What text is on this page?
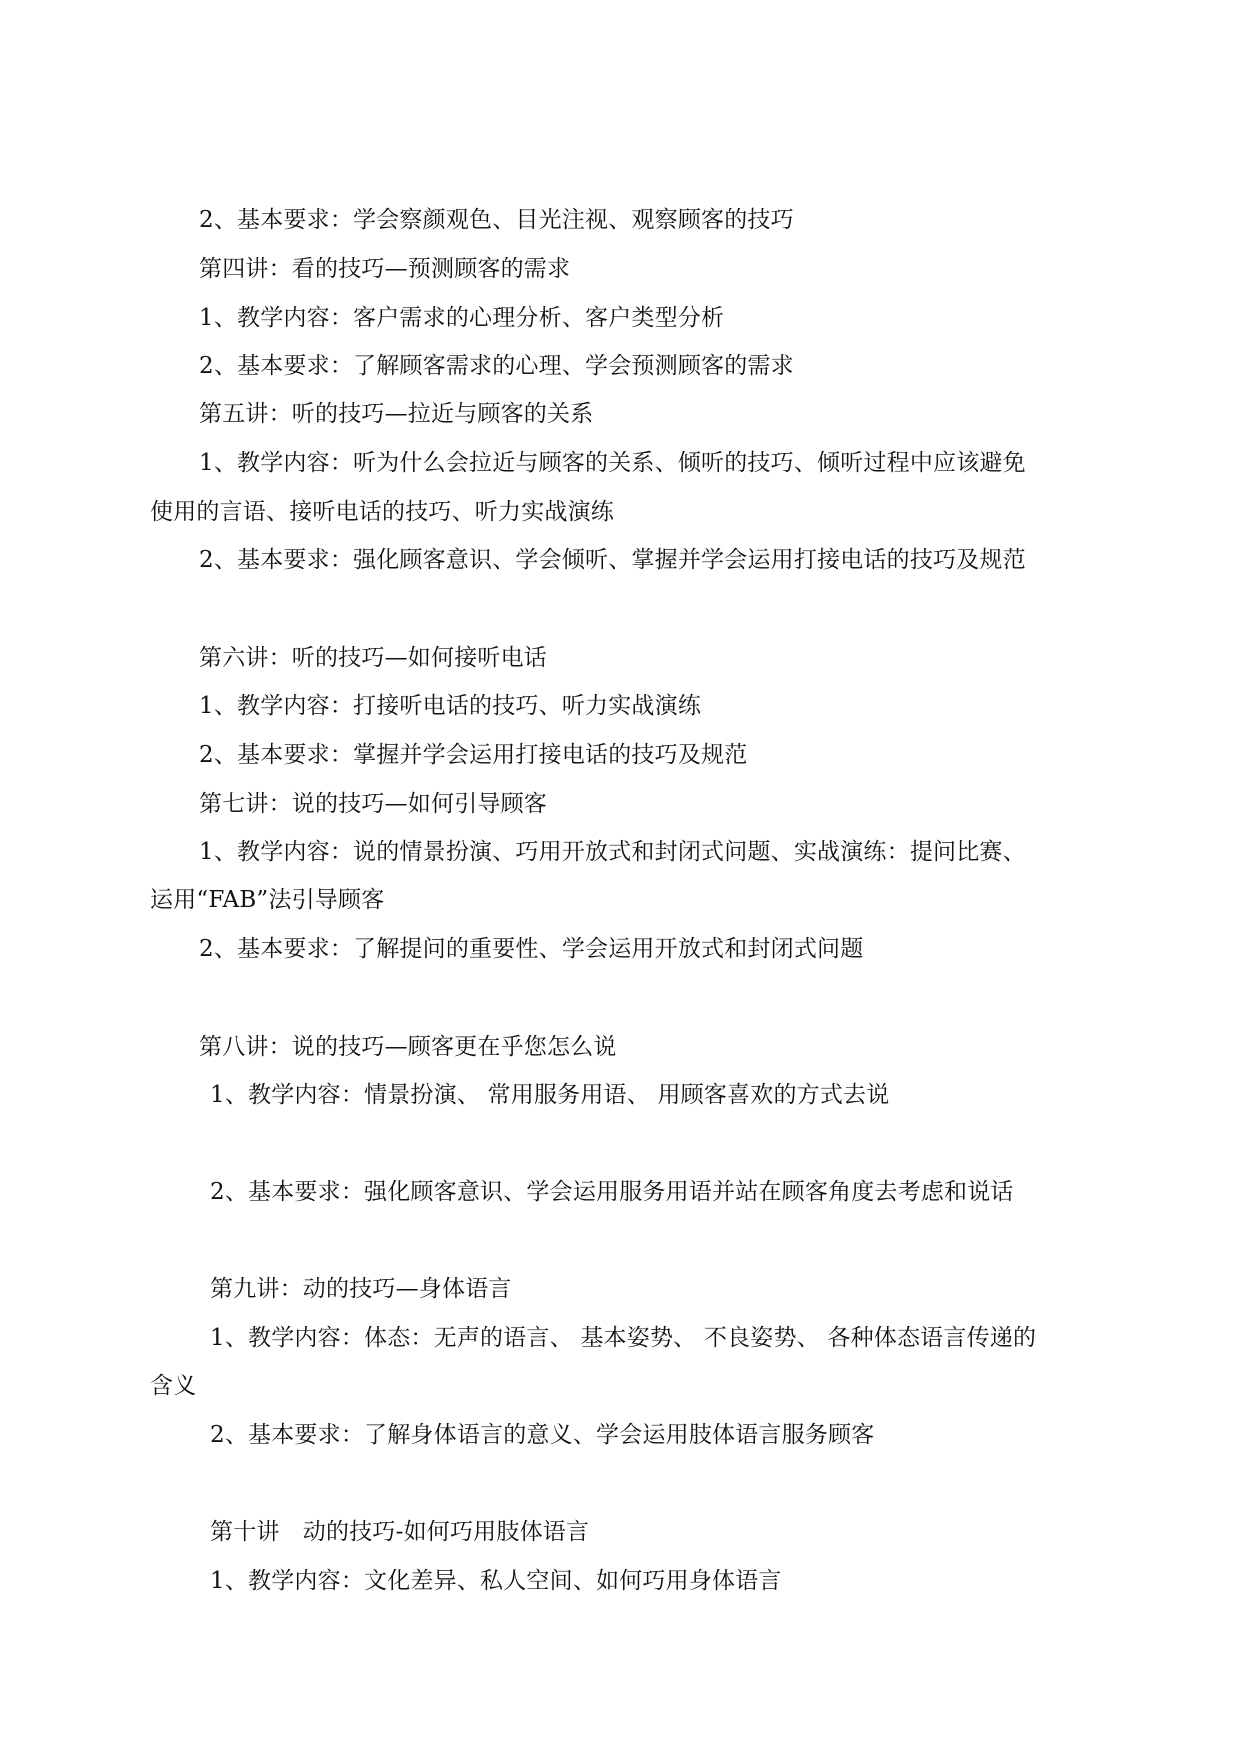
2、基本要求：学会察颜观色、目光注视、观察顾客的技巧

第四讲：看的技巧—预测顾客的需求

1、教学内容：客户需求的心理分析、客户类型分析

2、基本要求：了解顾客需求的心理、学会预测顾客的需求

第五讲：听的技巧—拉近与顾客的关系

1、教学内容：听为什么会拉近与顾客的关系、倾听的技巧、倾听过程中应该避免

使用的言语、接听电话的技巧、听力实战演练

2、基本要求：强化顾客意识、学会倾听、掌握并学会运用打接电话的技巧及规范

第六讲：听的技巧—如何接听电话

1、教学内容：打接听电话的技巧、听力实战演练

2、基本要求：掌握并学会运用打接电话的技巧及规范

第七讲：说的技巧—如何引导顾客

1、教学内容：说的情景扮演、巧用开放式和封闭式问题、实战演练：提问比赛、

运用“FAB”法引导顾客

2、基本要求：了解提问的重要性、学会运用开放式和封闭式问题

第八讲：说的技巧—顾客更在乎您怎么说

1、教学内容：情景扮演、 常用服务用语、 用顾客喜欢的方式去说

2、基本要求：强化顾客意识、学会运用服务用语并站在顾客角度去考虑和说话

第九讲：动的技巧—身体语言

1、教学内容：体态：无声的语言、 基本姿势、 不良姿势、 各种体态语言传递的

含义

2、基本要求：了解身体语言的意义、学会运用肢体语言服务顾客

第十讲　动的技巧-如何巧用肢体语言

1、教学内容：文化差异、私人空间、如何巧用身体语言
